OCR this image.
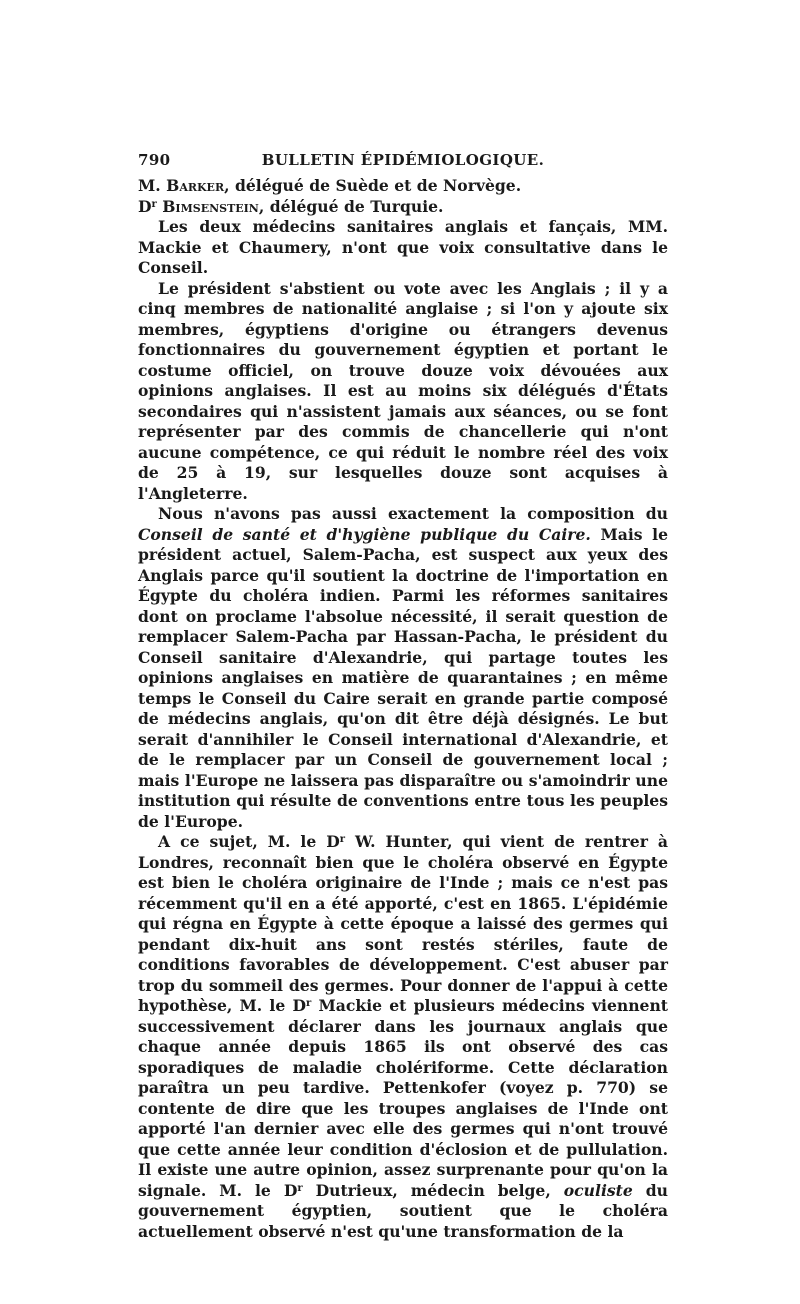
790	BULLETIN ÉPIDÉMIOLOGIQUE.

M. Barker, délégué de Suède et de Norvège.

$D^r$ Bimsenstein, délégué de Turquie.

Les deux médecins sanitaires anglais et fançais, MM. Mackie et Chaumery, n'ont que voix consultative dans le Conseil.

Le président s'abstient ou vote avec les Anglais ; il y a cinq membres de nationalité anglaise ; si l'on y ajoute six membres, égyptiens d'origine ou étrangers devenus fonctionnaires du gouvernement égyptien et portant le costume officiel, on trouve douze voix dévouées aux opinions anglaises. Il est au moins six délégués d'États secondaires qui n'assistent jamais aux séances, ou se font représenter par des commis de chancellerie qui n'ont aucune compétence, ce qui réduit le nombre réel des voix de 25 à 19, sur lesquelles douze sont acquises à l'Angleterre.

Nous n'avons pas aussi exactement la composition du Conseil de santé et d'hygiène publique du Caire. Mais le président actuel, Salem-Pacha, est suspect aux yeux des Anglais parce qu'il soutient la doctrine de l'importation en Égypte du choléra indien. Parmi les réformes sanitaires dont on proclame l'absolue nécessité, il serait question de remplacer Salem-Pacha par Hassan-Pacha, le président du Conseil sanitaire d'Alexandrie, qui partage toutes les opinions anglaises en matière de quarantaines ; en même temps le Conseil du Caire serait en grande partie composé de médecins anglais, qu'on dit être déjà désignés. Le but serait d'annihiler le Conseil international d'Alexandrie, et de le remplacer par un Conseil de gouvernement local ; mais l'Europe ne laissera pas disparaître ou s'amoindrir une institution qui résulte de conventions entre tous les peuples de l'Europe.

A ce sujet, M. le $D^r$ W. Hunter, qui vient de rentrer à Londres, reconnaît bien que le choléra observé en Égypte est bien le choléra originaire de l'Inde ; mais ce n'est pas récemment qu'il en a été apporté, c'est en 1865. L'épidémie qui régna en Égypte à cette époque a laissé des germes qui pendant dix-huit ans sont restés stériles, faute de conditions favorables de développement. C'est abuser par trop du sommeil des germes. Pour donner de l'appui à cette hypothèse, M. le $D^r$ Mackie et plusieurs médecins viennent successivement déclarer dans les journaux anglais que chaque année depuis 1865 ils ont observé des cas sporadiques de maladie cholériforme. Cette déclaration paraîtra un peu tardive. Pettenkofer (voyez p. 770) se contente de dire que les troupes anglaises de l'Inde ont apporté l'an dernier avec elle des germes qui n'ont trouvé que cette année leur condition d'éclosion et de pullulation. Il existe une autre opinion, assez surprenante pour qu'on la signale. M. le $D^r$ Dutrieux, médecin belge, oculiste du gouvernement égyptien, soutient que le choléra actuellement observé n'est qu'une transformation de la
